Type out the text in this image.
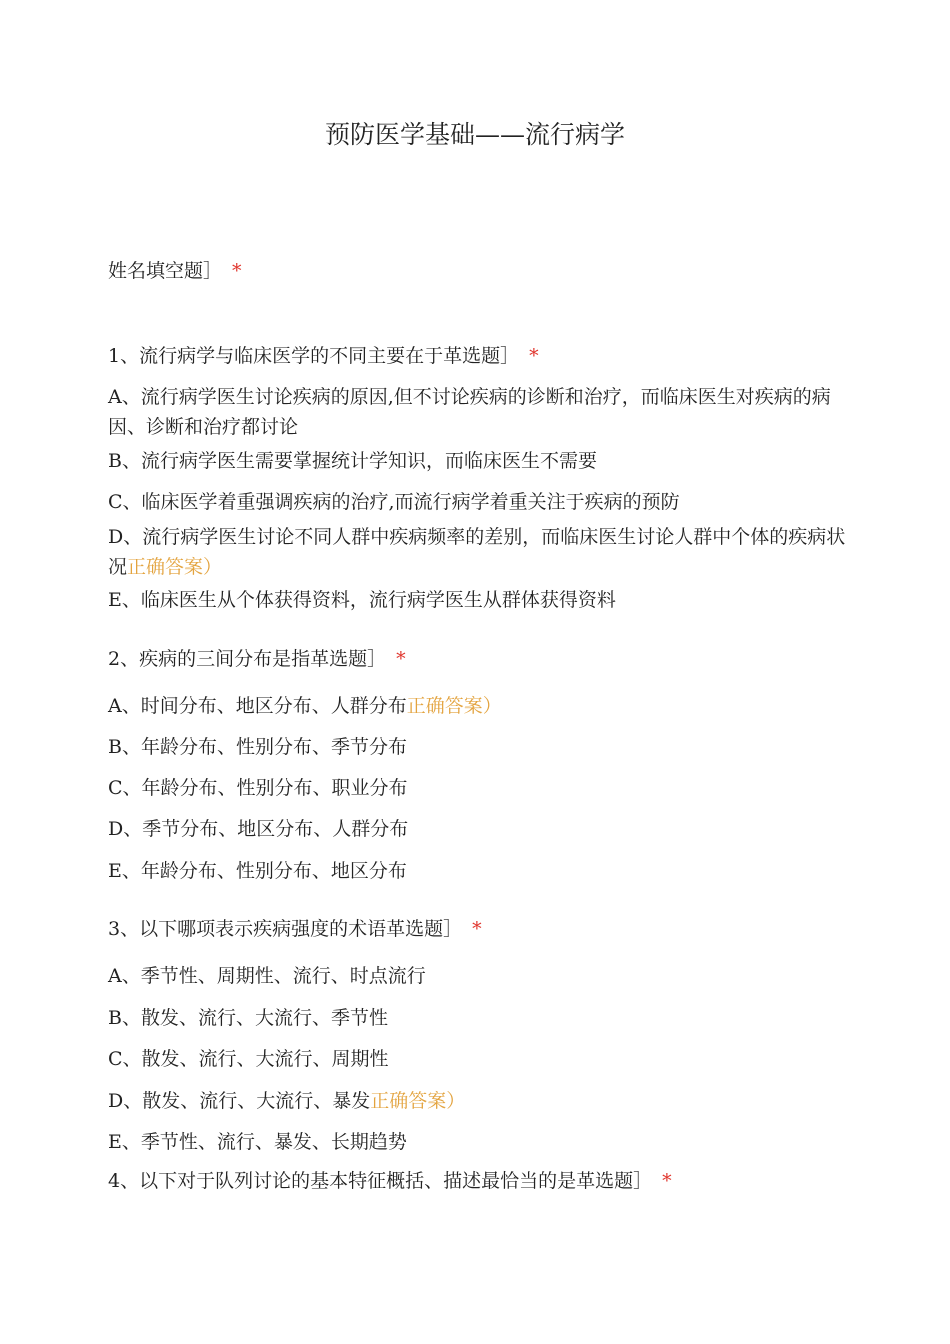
预防医学基础——流行病学
姓名填空题］ *
1、流行病学与临床医学的不同主要在于革选题］ *
A、流行病学医生讨论疾病的原因,但不讨论疾病的诊断和治疗，而临床医生对疾病的病因、诊断和治疗都讨论
B、流行病学医生需要掌握统计学知识，而临床医生不需要
C、临床医学着重强调疾病的治疗,而流行病学着重关注于疾病的预防
D、流行病学医生讨论不同人群中疾病频率的差别，而临床医生讨论人群中个体的疾病状况正确答案）
E、临床医生从个体获得资料，流行病学医生从群体获得资料
2、疾病的三间分布是指革选题］ *
A、时间分布、地区分布、人群分布正确答案）
B、年龄分布、性别分布、季节分布
C、年龄分布、性别分布、职业分布
D、季节分布、地区分布、人群分布
E、年龄分布、性别分布、地区分布
3、以下哪项表示疾病强度的术语革选题］ *
A、季节性、周期性、流行、时点流行
B、散发、流行、大流行、季节性
C、散发、流行、大流行、周期性
D、散发、流行、大流行、暴发正确答案）
E、季节性、流行、暴发、长期趋势
4、以下对于队列讨论的基本特征概括、描述最恰当的是革选题］ *
